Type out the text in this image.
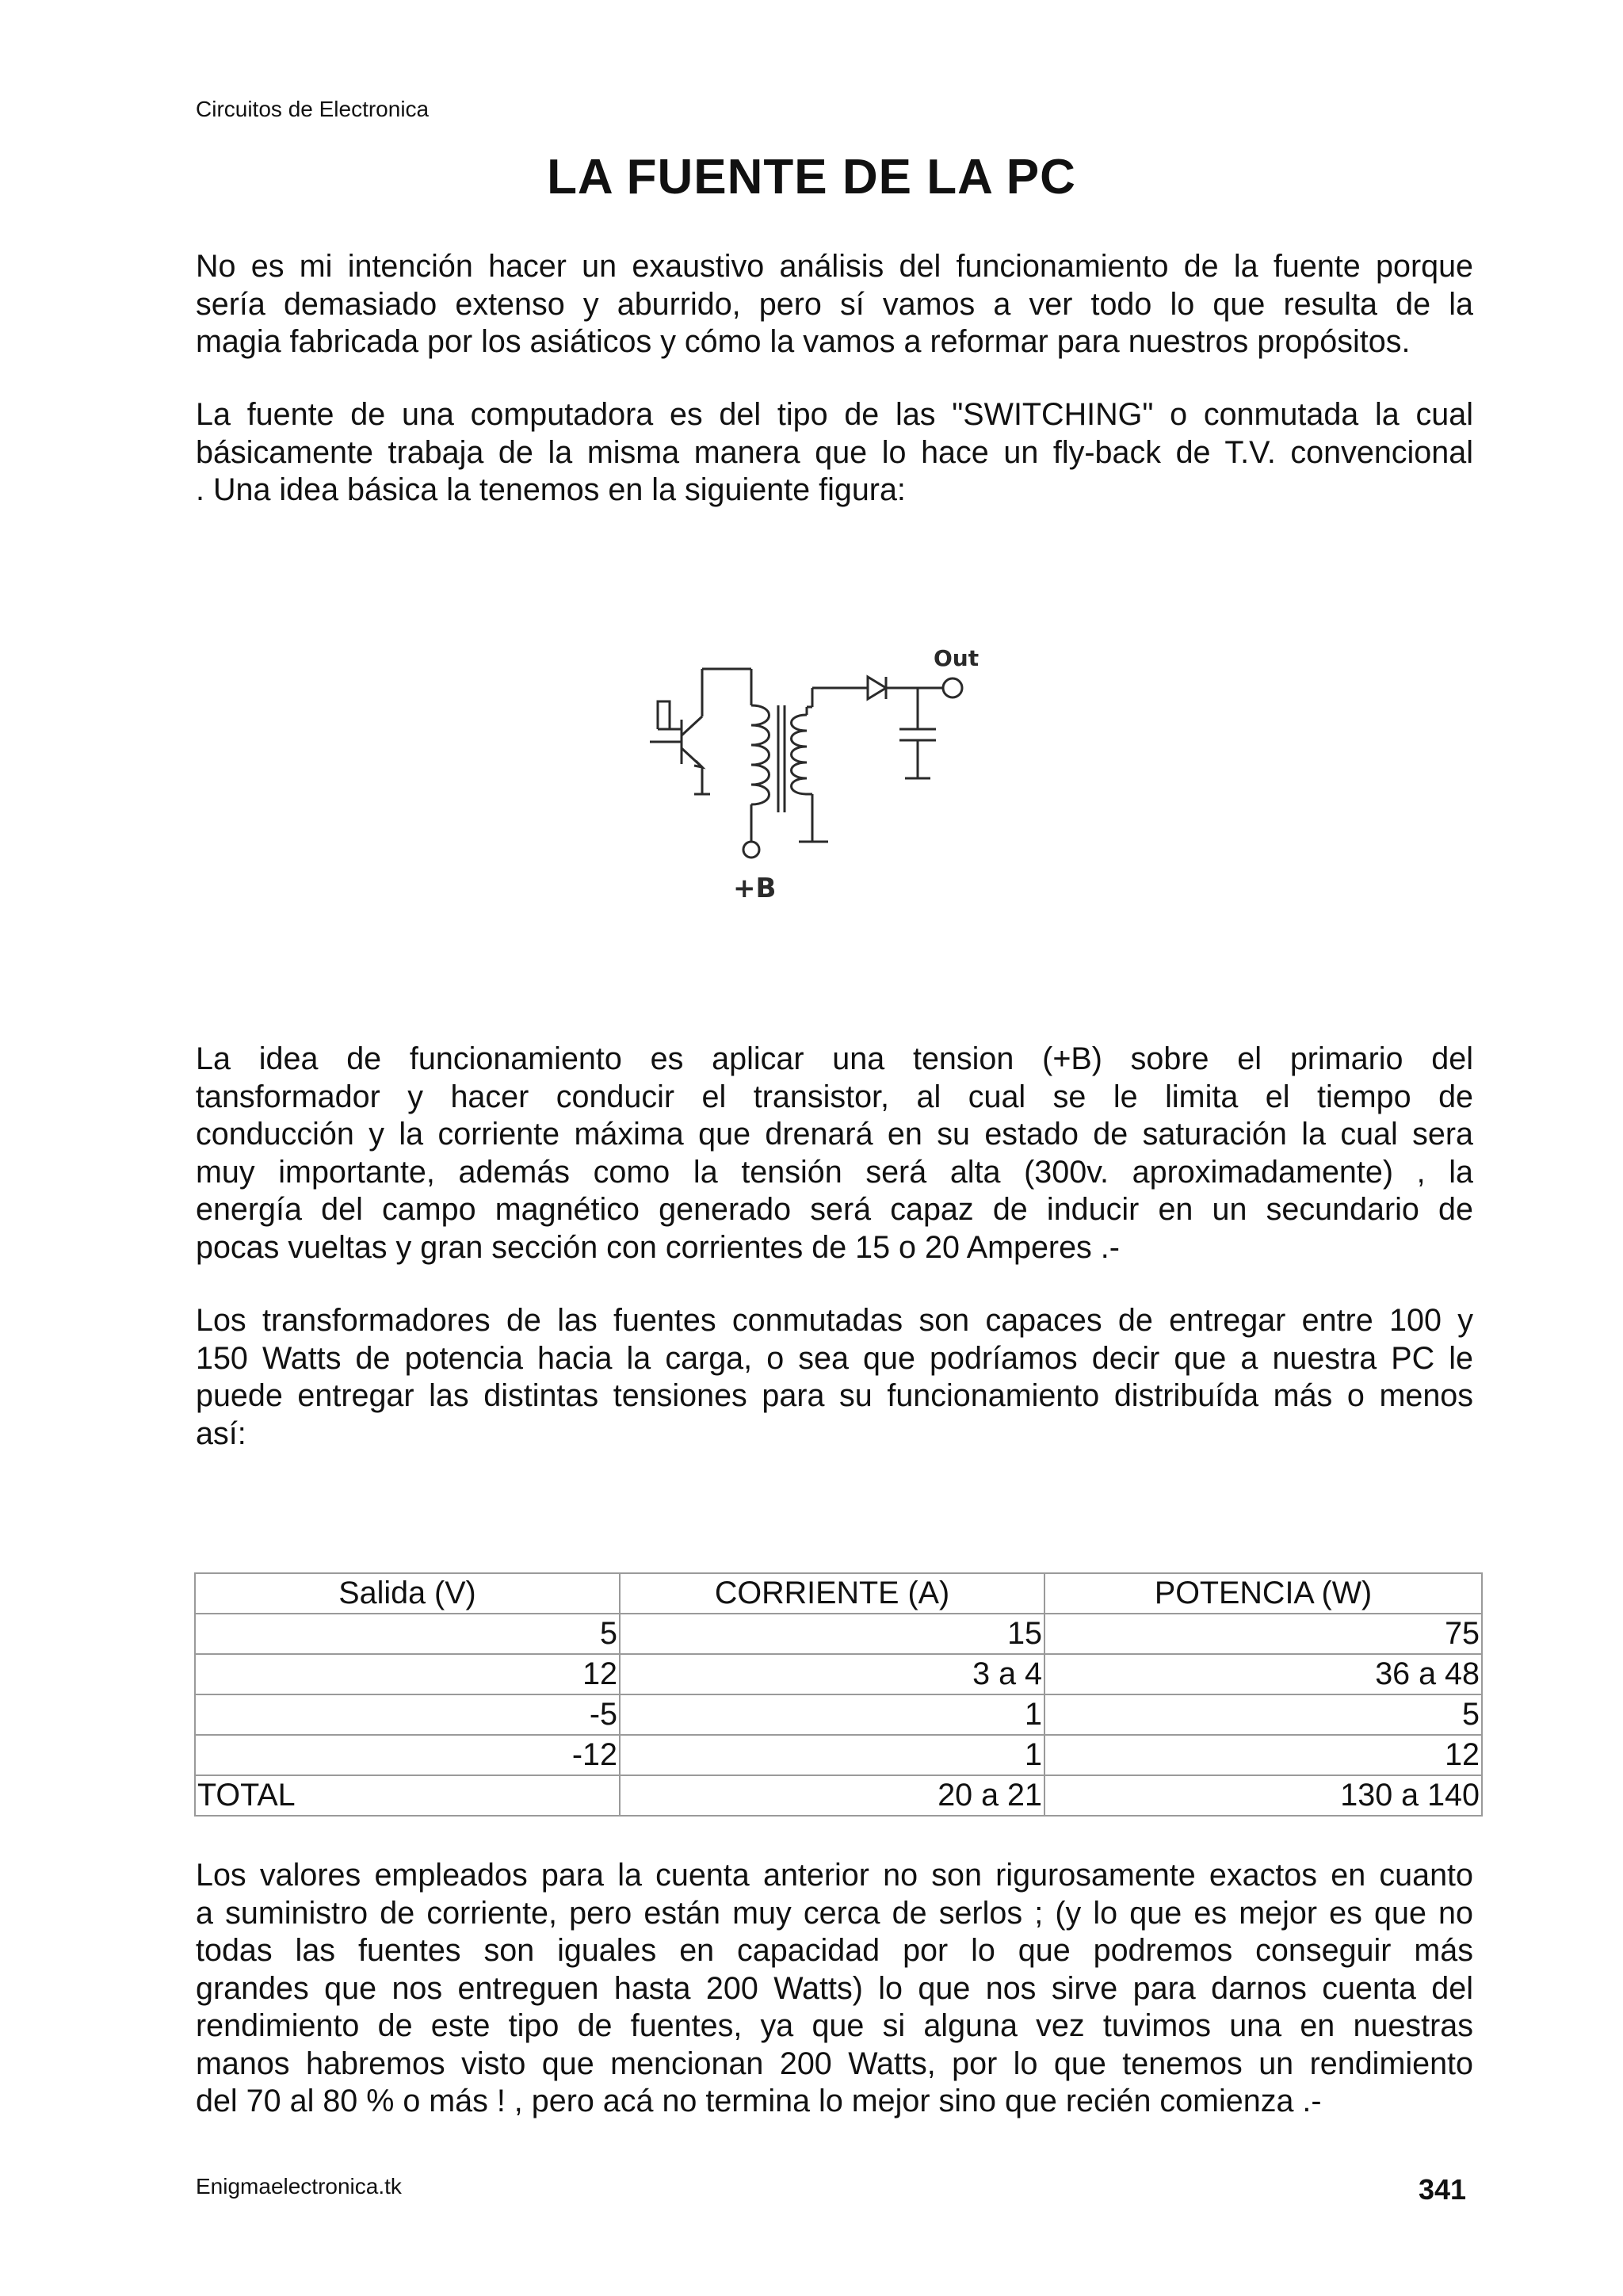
Circuitos de Electronica
LA FUENTE DE LA PC

No es mi intención hacer un exaustivo análisis del funcionamiento de la fuente porque
sería demasiado extenso y aburrido, pero sí vamos a ver todo lo que resulta de la
magia fabricada por los asiáticos y cómo la vamos a reformar para nuestros propósitos.

La fuente de una computadora es del tipo de las "SWITCHING" o conmutada la cual
básicamente trabaja de la misma manera que lo hace un fly-back de T.V. convencional
. Una idea básica la tenemos en la siguiente figura:

Out
+B

La idea de funcionamiento es aplicar una tension (+B) sobre el primario del
tansformador y hacer conducir el transistor, al cual se le limita el tiempo de
conducción y la corriente máxima que drenará en su estado de saturación la cual sera
muy importante, además como la tensión será alta (300v. aproximadamente) , la
energía del campo magnético generado será capaz de inducir en un secundario de
pocas vueltas y gran sección con corrientes de 15 o 20 Amperes .-

Los transformadores de las fuentes conmutadas son capaces de entregar entre 100 y
150 Watts de potencia hacia la carga, o sea que podríamos decir que a nuestra PC le
puede entregar las distintas tensiones para su funcionamiento distribuída más o menos
así:

Salida (V)	CORRIENTE (A)	POTENCIA (W)
5	15	75
12	3 a 4	36 a 48
-5	1	5
-12	1	12
TOTAL	20 a 21	130 a 140

Los valores empleados para la cuenta anterior no son rigurosamente exactos en cuanto
a suministro de corriente, pero están muy cerca de serlos ; (y lo que es mejor es que no
todas las fuentes son iguales en capacidad por lo que podremos conseguir más
grandes que nos entreguen hasta 200 Watts) lo que nos sirve para darnos cuenta del
rendimiento de este tipo de fuentes, ya que si alguna vez tuvimos una en nuestras
manos habremos visto que mencionan 200 Watts, por lo que tenemos un rendimiento
del 70 al 80 % o más ! , pero acá no termina lo mejor sino que recién comienza .-

Enigmaelectronica.tk	341
